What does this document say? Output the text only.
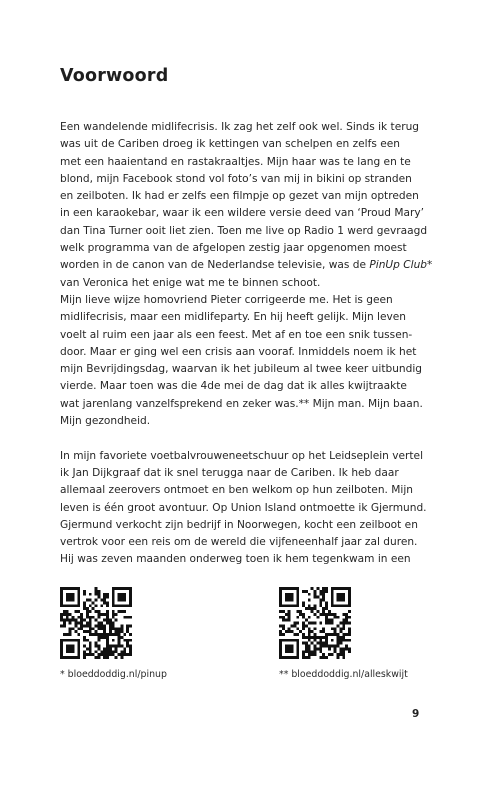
Voorwoord
Een wandelende midlifecrisis. Ik zag het zelf ook wel. Sinds ik terug
was uit de Cariben droeg ik kettingen van schelpen en zelfs een
met een haaientand en rastakraaltjes. Mijn haar was te lang en te
blond, mijn Facebook stond vol foto’s van mij in bikini op stranden
en zeilboten. Ik had er zelfs een filmpje op gezet van mijn optreden
in een karaokebar, waar ik een wildere versie deed van ‘Proud Mary’
dan Tina Turner ooit liet zien. Toen me live op Radio 1 werd gevraagd
welk programma van de afgelopen zestig jaar opgenomen moest
worden in de canon van de Nederlandse televisie, was de PinUp Club*
van Veronica het enige wat me te binnen schoot.
Mijn lieve wijze homovriend Pieter corrigeerde me. Het is geen
midlifecrisis, maar een midlifeparty. En hij heeft gelijk. Mijn leven
voelt al ruim een jaar als een feest. Met af en toe een snik tussen-
door. Maar er ging wel een crisis aan vooraf. Inmiddels noem ik het
mijn Bevrijdingsdag, waarvan ik het jubileum al twee keer uitbundig
vierde. Maar toen was die 4de mei de dag dat ik alles kwijtraakte
wat jarenlang vanzelfsprekend en zeker was.** Mijn man. Mijn baan.
Mijn gezondheid.
In mijn favoriete voetbalvrouweneetschuur op het Leidseplein vertel
ik Jan Dijkgraaf dat ik snel terugga naar de Cariben. Ik heb daar
allemaal zeerovers ontmoet en ben welkom op hun zeilboten. Mijn
leven is één groot avontuur. Op Union Island ontmoette ik Gjermund.
Gjermund verkocht zijn bedrijf in Noorwegen, kocht een zeilboot en
vertrok voor een reis om de wereld die vijfeneenhalf jaar zal duren.
Hij was zeven maanden onderweg toen ik hem tegenkwam in een
* bloeddoddig.nl/pinup	** bloeddoddig.nl/alleskwijt
9
